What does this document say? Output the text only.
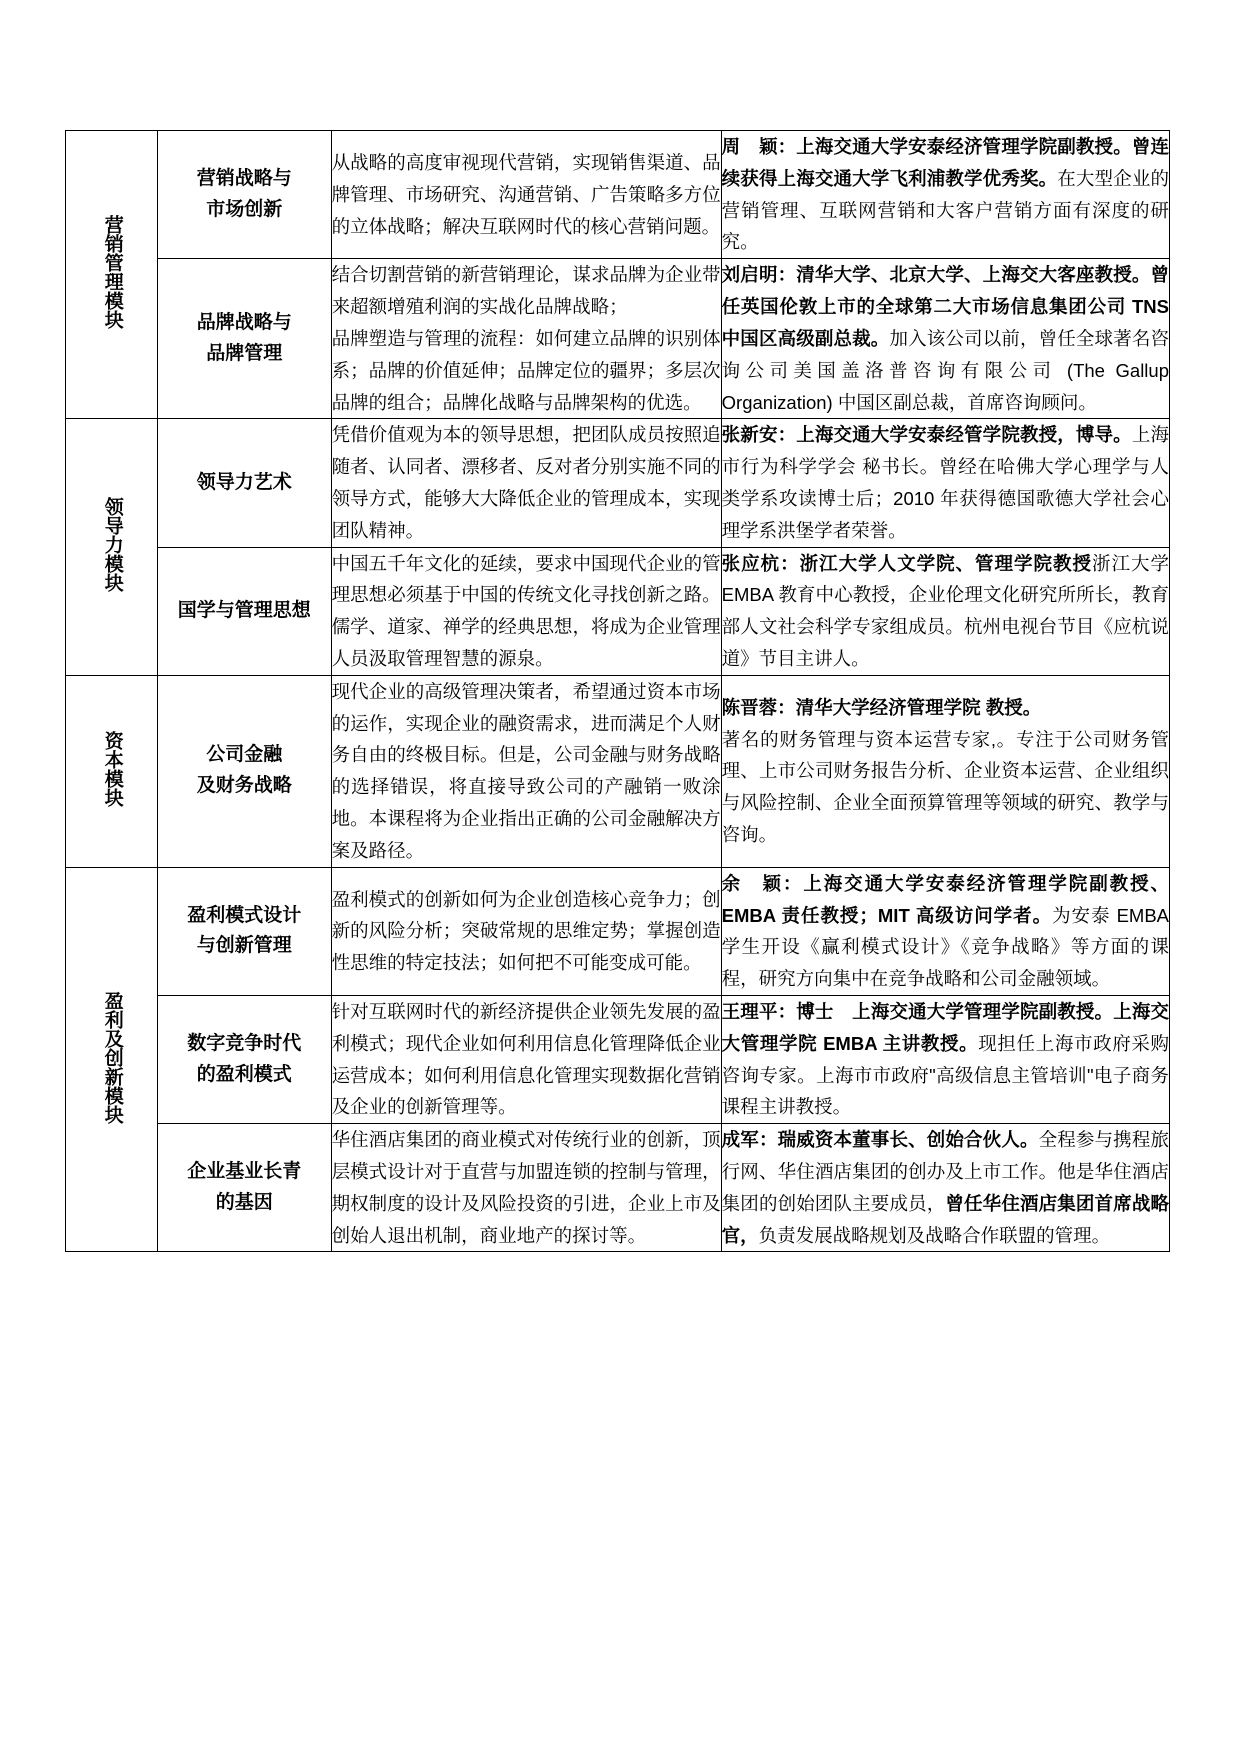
营销管理模块	营销战略与
市场创新	从战略的高度审视现代营销，实现销售渠道、品牌管理、市场研究、沟通营销、广告策略多方位的立体战略；解决互联网时代的核心营销问题。	周　颖：上海交通大学安泰经济管理学院副教授。曾连续获得上海交通大学飞利浦教学优秀奖。在大型企业的营销管理、互联网营销和大客户营销方面有深度的研究。
	品牌战略与
品牌管理	结合切割营销的新营销理论，谋求品牌为企业带来超额增殖利润的实战化品牌战略；
品牌塑造与管理的流程：如何建立品牌的识别体系；品牌的价值延伸；品牌定位的疆界；多层次品牌的组合；品牌化战略与品牌架构的优选。	刘启明：清华大学、北京大学、上海交大客座教授。曾任英国伦敦上市的全球第二大市场信息集团公司 TNS 中国区高级副总裁。加入该公司以前，曾任全球著名咨询公司美国盖洛普咨询有限公司 (The Gallup Organization) 中国区副总裁，首席咨询顾问。
领导力模块	领导力艺术	凭借价值观为本的领导思想，把团队成员按照追随者、认同者、漂移者、反对者分别实施不同的领导方式，能够大大降低企业的管理成本，实现团队精神。	张新安：上海交通大学安泰经管学院教授，博导。上海市行为科学学会 秘书长。曾经在哈佛大学心理学与人类学系攻读博士后；2010 年获得德国歌德大学社会心理学系洪堡学者荣誉。
	国学与管理思想	中国五千年文化的延续，要求中国现代企业的管理思想必须基于中国的传统文化寻找创新之路。儒学、道家、禅学的经典思想，将成为企业管理人员汲取管理智慧的源泉。	张应杭：浙江大学人文学院、管理学院教授浙江大学 EMBA 教育中心教授，企业伦理文化研究所所长，教育部人文社会科学专家组成员。杭州电视台节目《应杭说道》节目主讲人。
资本模块	公司金融
及财务战略	现代企业的高级管理决策者，希望通过资本市场的运作，实现企业的融资需求，进而满足个人财务自由的终极目标。但是，公司金融与财务战略的选择错误，将直接导致公司的产融销一败涂地。本课程将为企业指出正确的公司金融解决方案及路径。	陈晋蓉：清华大学经济管理学院 教授。
著名的财务管理与资本运营专家,。专注于公司财务管理、上市公司财务报告分析、企业资本运营、企业组织与风险控制、企业全面预算管理等领域的研究、教学与咨询。
盈利及创新模块	盈利模式设计
与创新管理	盈利模式的创新如何为企业创造核心竞争力；创新的风险分析；突破常规的思维定势；掌握创造性思维的特定技法；如何把不可能变成可能。	余　颖：上海交通大学安泰经济管理学院副教授、EMBA 责任教授；MIT 高级访问学者。为安泰 EMBA 学生开设《赢利模式设计》《竞争战略》等方面的课程，研究方向集中在竞争战略和公司金融领域。
	数字竞争时代
的盈利模式	针对互联网时代的新经济提供企业领先发展的盈利模式；现代企业如何利用信息化管理降低企业运营成本；如何利用信息化管理实现数据化营销及企业的创新管理等。	王理平：博士　上海交通大学管理学院副教授。上海交大管理学院 EMBA 主讲教授。现担任上海市政府采购咨询专家。上海市市政府"高级信息主管培训"电子商务课程主讲教授。
	企业基业长青
的基因	华住酒店集团的商业模式对传统行业的创新，顶层模式设计对于直营与加盟连锁的控制与管理，期权制度的设计及风险投资的引进，企业上市及创始人退出机制，商业地产的探讨等。	成军：瑞威资本董事长、创始合伙人。全程参与携程旅行网、华住酒店集团的创办及上市工作。他是华住酒店集团的创始团队主要成员，曾任华住酒店集团首席战略官，负责发展战略规划及战略合作联盟的管理。
